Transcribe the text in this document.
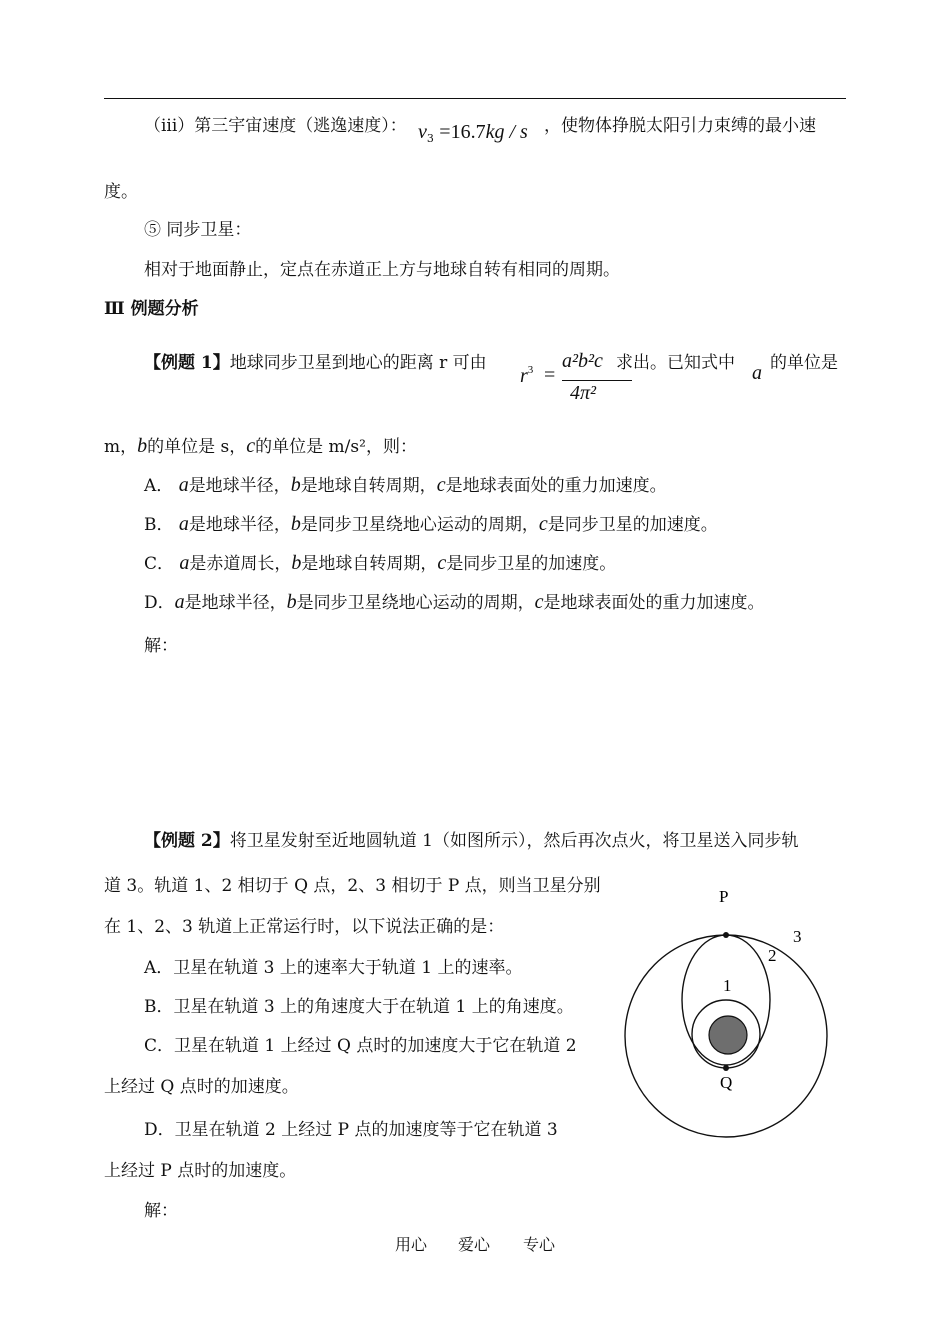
（iii）第三宇宙速度（逃逸速度）： $v_3 =16.7kg / s$ ，使物体挣脱太阳引力束缚的最小速
度。
⑤ 同步卫星：
相对于地面静止，定点在赤道正上方与地球自转有相同的周期。
Ⅲ 例题分析
【例题 1】地球同步卫星到地心的距离 r 可由
$r^3$ =
a²b²c
4π²
求出。已知式中 a 的单位是
m，b的单位是 s，c的单位是 m/s²，则：
A． a是地球半径，b是地球自转周期，c是地球表面处的重力加速度。
B． a是地球半径，b是同步卫星绕地心运动的周期，c是同步卫星的加速度。
C． a是赤道周长，b是地球自转周期，c是同步卫星的加速度。
D．a是地球半径，b是同步卫星绕地心运动的周期，c是地球表面处的重力加速度。
解：
【例题 2】将卫星发射至近地圆轨道 1（如图所示），然后再次点火，将卫星送入同步轨
道 3。轨道 1、2 相切于 Q 点，2、3 相切于 P 点，则当卫星分别
在 1、2、3 轨道上正常运行时，以下说法正确的是：
A．卫星在轨道 3 上的速率大于轨道 1 上的速率。
B．卫星在轨道 3 上的角速度大于在轨道 1 上的角速度。
C．卫星在轨道 1 上经过 Q 点时的加速度大于它在轨道 2
上经过 Q 点时的加速度。
D．卫星在轨道 2 上经过 P 点的加速度等于它在轨道 3
上经过 P 点时的加速度。
解：
P
Q
1
2
3
用心 爱心 专心
